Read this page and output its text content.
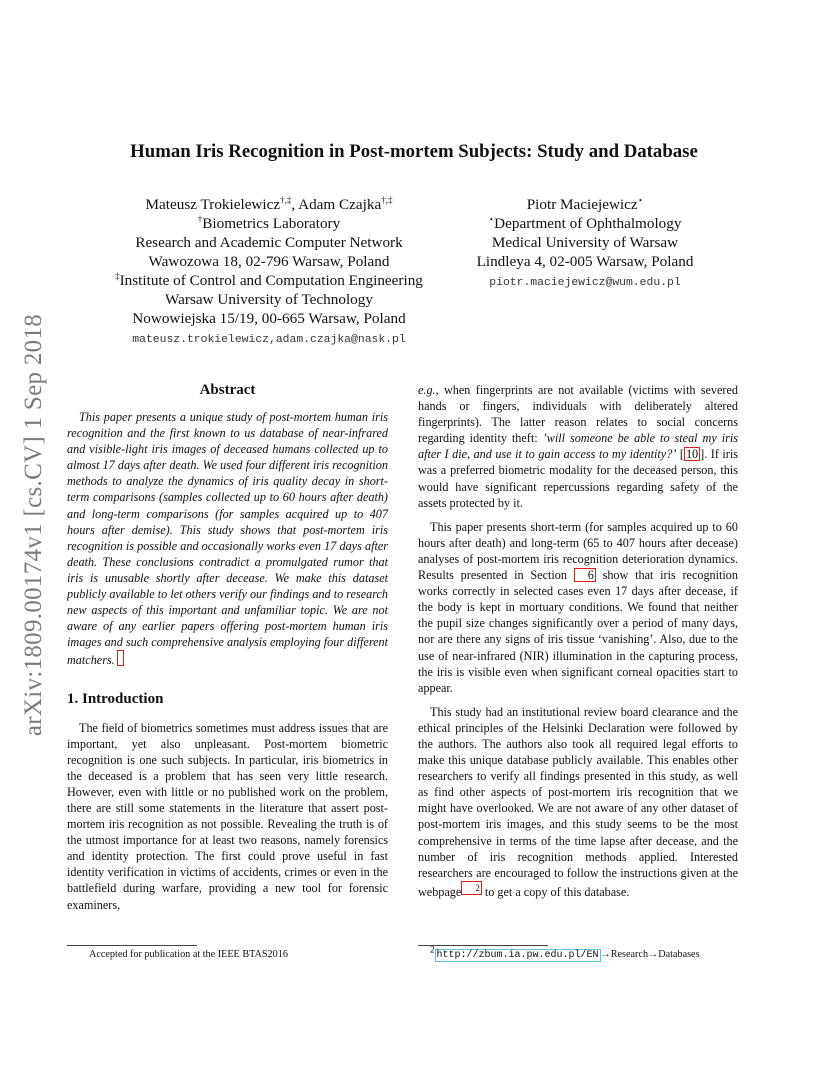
arXiv:1809.00174v1 [cs.CV] 1 Sep 2018
Human Iris Recognition in Post-mortem Subjects: Study and Database
Mateusz Trokielewicz†,‡, Adam Czajka†,‡
†Biometrics Laboratory
Research and Academic Computer Network
Wawozowa 18, 02-796 Warsaw, Poland
‡Institute of Control and Computation Engineering
Warsaw University of Technology
Nowowiejska 15/19, 00-665 Warsaw, Poland
mateusz.trokielewicz,adam.czajka@nask.pl
Piotr Maciejewicz⋆
⋆Department of Ophthalmology
Medical University of Warsaw
Lindleya 4, 02-005 Warsaw, Poland
piotr.maciejewicz@wum.edu.pl
Abstract

This paper presents a unique study of post-mortem human iris recognition and the first known to us database of near-infrared and visible-light iris images of deceased humans collected up to almost 17 days after death. We used four different iris recognition methods to analyze the dynamics of iris quality decay in short-term comparisons (samples collected up to 60 hours after death) and long-term comparisons (for samples acquired up to 407 hours after demise). This study shows that post-mortem iris recognition is possible and occasionally works even 17 days after death. These conclusions contradict a promulgated rumor that iris is unusable shortly after decease. We make this dataset publicly available to let others verify our findings and to research new aspects of this important and unfamiliar topic. We are not aware of any earlier papers offering post-mortem human iris images and such comprehensive analysis employing four different matchers.

1. Introduction

The field of biometrics sometimes must address issues that are important, yet also unpleasant. Post-mortem biometric recognition is one such subjects. In particular, iris biometrics in the deceased is a problem that has seen very little research. However, even with little or no published work on the problem, there are still some statements in the literature that assert post-mortem iris recognition as not possible. Revealing the truth is of the utmost importance for at least two reasons, namely forensics and identity protection. The first could prove useful in fast identity verification in victims of accidents, crimes or even in the battlefield during warfare, providing a new tool for forensic examiners,

e.g., when fingerprints are not available (victims with severed hands or fingers, individuals with deliberately altered fingerprints). The latter reason relates to social concerns regarding identity theft: ’will someone be able to steal my iris after I die, and use it to gain access to my identity?’ [ 10 ]. If iris was a preferred biometric modality for the deceased person, this would have significant repercussions regarding safety of the assets protected by it.

This paper presents short-term (for samples acquired up to 60 hours after death) and long-term (65 to 407 hours after decease) analyses of post-mortem iris recognition deterioration dynamics. Results presented in Section 6 show that iris recognition works correctly in selected cases even 17 days after decease, if the body is kept in mortuary conditions. We found that neither the pupil size changes significantly over a period of many days, nor are there any signs of iris tissue ‘vanishing’. Also, due to the use of near-infrared (NIR) illumination in the capturing process, the iris is visible even when significant corneal opacities start to appear.

This study had an institutional review board clearance and the ethical principles of the Helsinki Declaration were followed by the authors. The authors also took all required legal efforts to make this unique database publicly available. This enables other researchers to verify all findings presented in this study, as well as find other aspects of post-mortem iris recognition that we might have overlooked. We are not aware of any other dataset of post-mortem iris images, and this study seems to be the most comprehensive in terms of the time lapse after decease, and the number of iris recognition methods applied. Interested researchers are encouraged to follow the instructions given at the webpage $^2$ to get a copy of this database.

Accepted for publication at the IEEE BTAS2016	$^2$http://zbum.ia.pw.edu.pl/EN →Research→Databases
